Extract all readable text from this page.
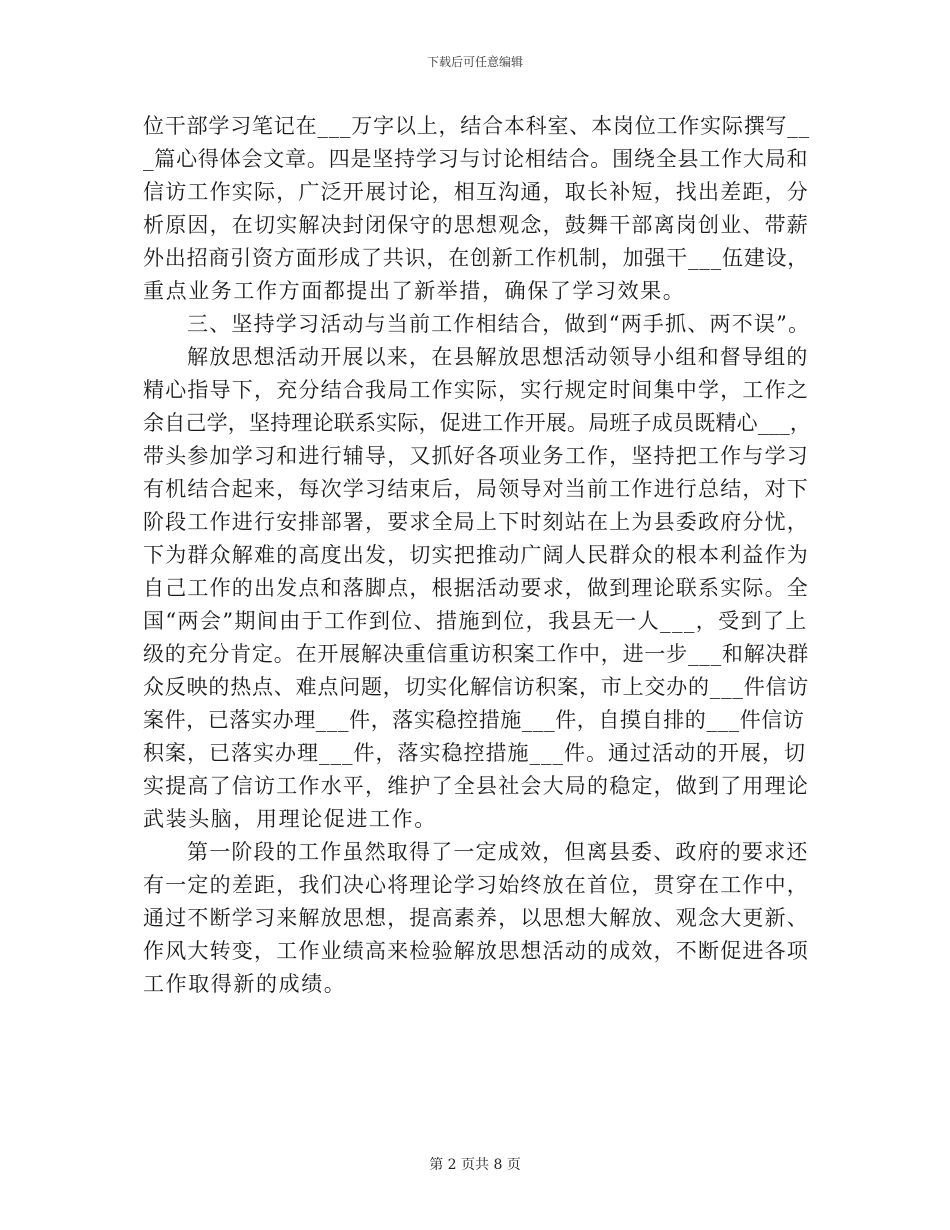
下载后可任意编辑

位干部学习笔记在___万字以上，结合本科室、本岗位工作实际撰写__
_篇心得体会文章。四是坚持学习与讨论相结合。围绕全县工作大局和
信访工作实际，广泛开展讨论，相互沟通，取长补短，找出差距，分
析原因，在切实解决封闭保守的思想观念，鼓舞干部离岗创业、带薪
外出招商引资方面形成了共识，在创新工作机制，加强干___伍建设，
重点业务工作方面都提出了新举措，确保了学习效果。

三、坚持学习活动与当前工作相结合，做到“两手抓、两不误”。

解放思想活动开展以来，在县解放思想活动领导小组和督导组的
精心指导下，充分结合我局工作实际，实行规定时间集中学，工作之
余自己学，坚持理论联系实际，促进工作开展。局班子成员既精心___，
带头参加学习和进行辅导，又抓好各项业务工作，坚持把工作与学习
有机结合起来，每次学习结束后，局领导对当前工作进行总结，对下
阶段工作进行安排部署，要求全局上下时刻站在上为县委政府分忧，
下为群众解难的高度出发，切实把推动广阔人民群众的根本利益作为
自己工作的出发点和落脚点，根据活动要求，做到理论联系实际。全
国“两会”期间由于工作到位、措施到位，我县无一人___，受到了上
级的充分肯定。在开展解决重信重访积案工作中，进一步___和解决群
众反映的热点、难点问题，切实化解信访积案，市上交办的___件信访
案件，已落实办理___件，落实稳控措施___件，自摸自排的___件信访
积案，已落实办理___件，落实稳控措施___件。通过活动的开展，切
实提高了信访工作水平，维护了全县社会大局的稳定，做到了用理论
武装头脑，用理论促进工作。

第一阶段的工作虽然取得了一定成效，但离县委、政府的要求还
有一定的差距，我们决心将理论学习始终放在首位，贯穿在工作中，
通过不断学习来解放思想，提高素养，以思想大解放、观念大更新、
作风大转变，工作业绩高来检验解放思想活动的成效，不断促进各项
工作取得新的成绩。

第 2 页共 8 页
